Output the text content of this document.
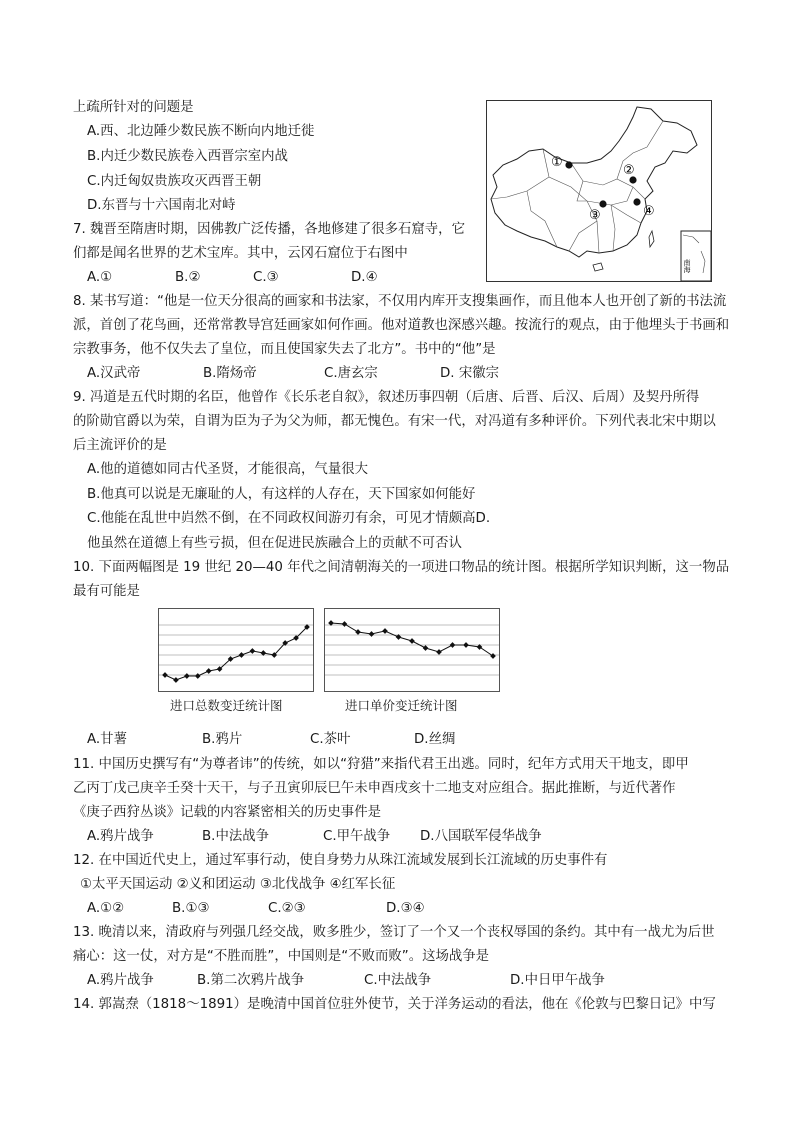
上疏所针对的问题是
A.西、北边陲少数民族不断向内地迁徙
B.内迁少数民族卷入西晋宗室内战
C.内迁匈奴贵族攻灭西晋王朝
D.东晋与十六国南北对峙
7. 魏晋至隋唐时期，因佛教广泛传播，各地修建了很多石窟寺，它
们都是闻名世界的艺术宝库。其中，云冈石窟位于右图中
A.①	B.②	C.③	D.④
①
②
③	④
南海
8. 某书写道：“他是一位天分很高的画家和书法家，不仅用内库开支搜集画作，而且他本人也开创了新的书法流
派，首创了花鸟画，还常常教导宫廷画家如何作画。他对道教也深感兴趣。按流行的观点，由于他埋头于书画和
宗教事务，他不仅失去了皇位，而且使国家失去了北方”。书中的“他”是
A.汉武帝	B.隋炀帝	C.唐玄宗	D. 宋徽宗
9. 冯道是五代时期的名臣，他曾作《长乐老自叙》，叙述历事四朝（后唐、后晋、后汉、后周）及契丹所得
的阶勋官爵以为荣，自谓为臣为子为父为师，都无愧色。有宋一代，对冯道有多种评价。下列代表北宋中期以
后主流评价的是
A.他的道德如同古代圣贤，才能很高，气量很大
B.他真可以说是无廉耻的人，有这样的人存在，天下国家如何能好
C.他能在乱世中岿然不倒，在不同政权间游刃有余，可见才情颇高D.
他虽然在道德上有些亏损，但在促进民族融合上的贡献不可否认
10. 下面两幅图是 19 世纪 20—40 年代之间清朝海关的一项进口物品的统计图。根据所学知识判断，这一物品
最有可能是
进口总数变迁统计图	进口单价变迁统计图
A.甘薯	B.鸦片	C.茶叶	D.丝绸
11. 中国历史撰写有“为尊者讳”的传统，如以“狩猎”来指代君王出逃。同时，纪年方式用天干地支，即甲
乙丙丁戊己庚辛壬癸十天干，与子丑寅卯辰巳午未申酉戌亥十二地支对应组合。据此推断，与近代著作
《庚子西狩丛谈》记载的内容紧密相关的历史事件是
A.鸦片战争	B.中法战争	C.甲午战争 D.八国联军侵华战争
12. 在中国近代史上，通过军事行动，使自身势力从珠江流域发展到长江流域的历史事件有
①太平天国运动 ②义和团运动 ③北伐战争 ④红军长征
A.①②	B.①③	C.②③	D.③④
13. 晚清以来，清政府与列强几经交战，败多胜少，签订了一个又一个丧权辱国的条约。其中有一战尤为后世
痛心：这一仗，对方是“不胜而胜”，中国则是“不败而败”。这场战争是
A.鸦片战争	B.第二次鸦片战争	C.中法战争	D.中日甲午战争
14. 郭嵩焘（1818～1891）是晚清中国首位驻外使节，关于洋务运动的看法，他在《伦敦与巴黎日记》中写
